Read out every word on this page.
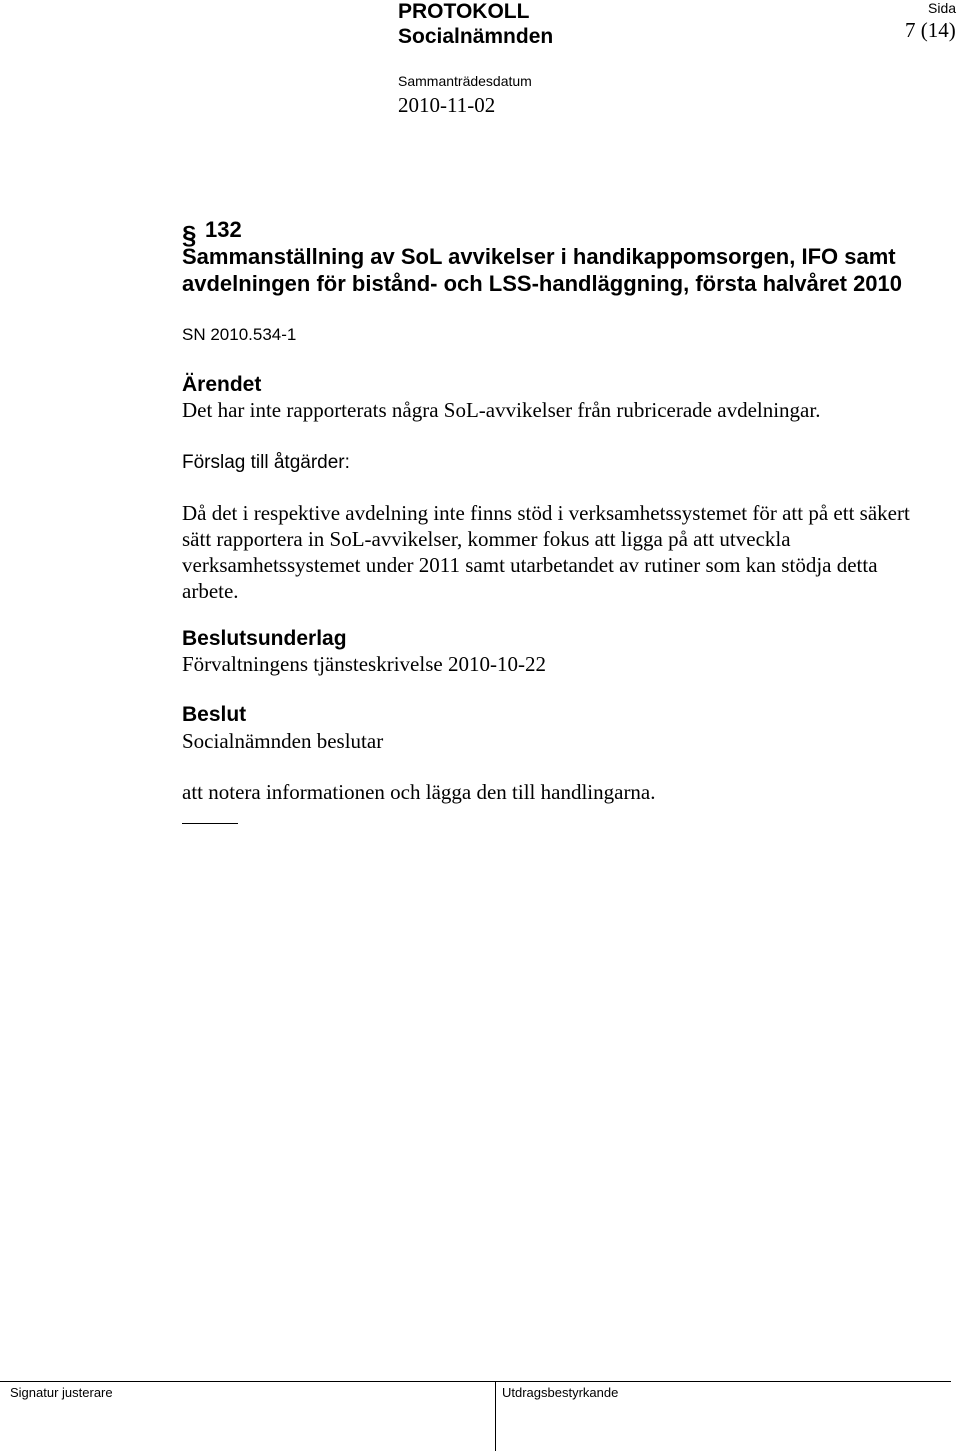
PROTOKOLL
Socialnämnden
Sida
7 (14)
Sammanträdesdatum
2010-11-02
§ 132
Sammanställning av SoL avvikelser i handikappomsorgen, IFO samt avdelningen för bistånd- och LSS-handläggning, första halvåret 2010
SN 2010.534-1
Ärendet
Det har inte rapporterats några SoL-avvikelser från rubricerade avdelningar.
Förslag till åtgärder:
Då det i respektive avdelning inte finns stöd i verksamhetssystemet för att på ett säkert sätt rapportera in SoL-avvikelser, kommer fokus att ligga på att utveckla verksamhetssystemet under 2011 samt utarbetandet av rutiner som kan stödja detta arbete.
Beslutsunderlag
Förvaltningens tjänsteskrivelse 2010-10-22
Beslut
Socialnämnden beslutar
att notera informationen och lägga den till handlingarna.
Signatur justerare	Utdragsbestyrkande
